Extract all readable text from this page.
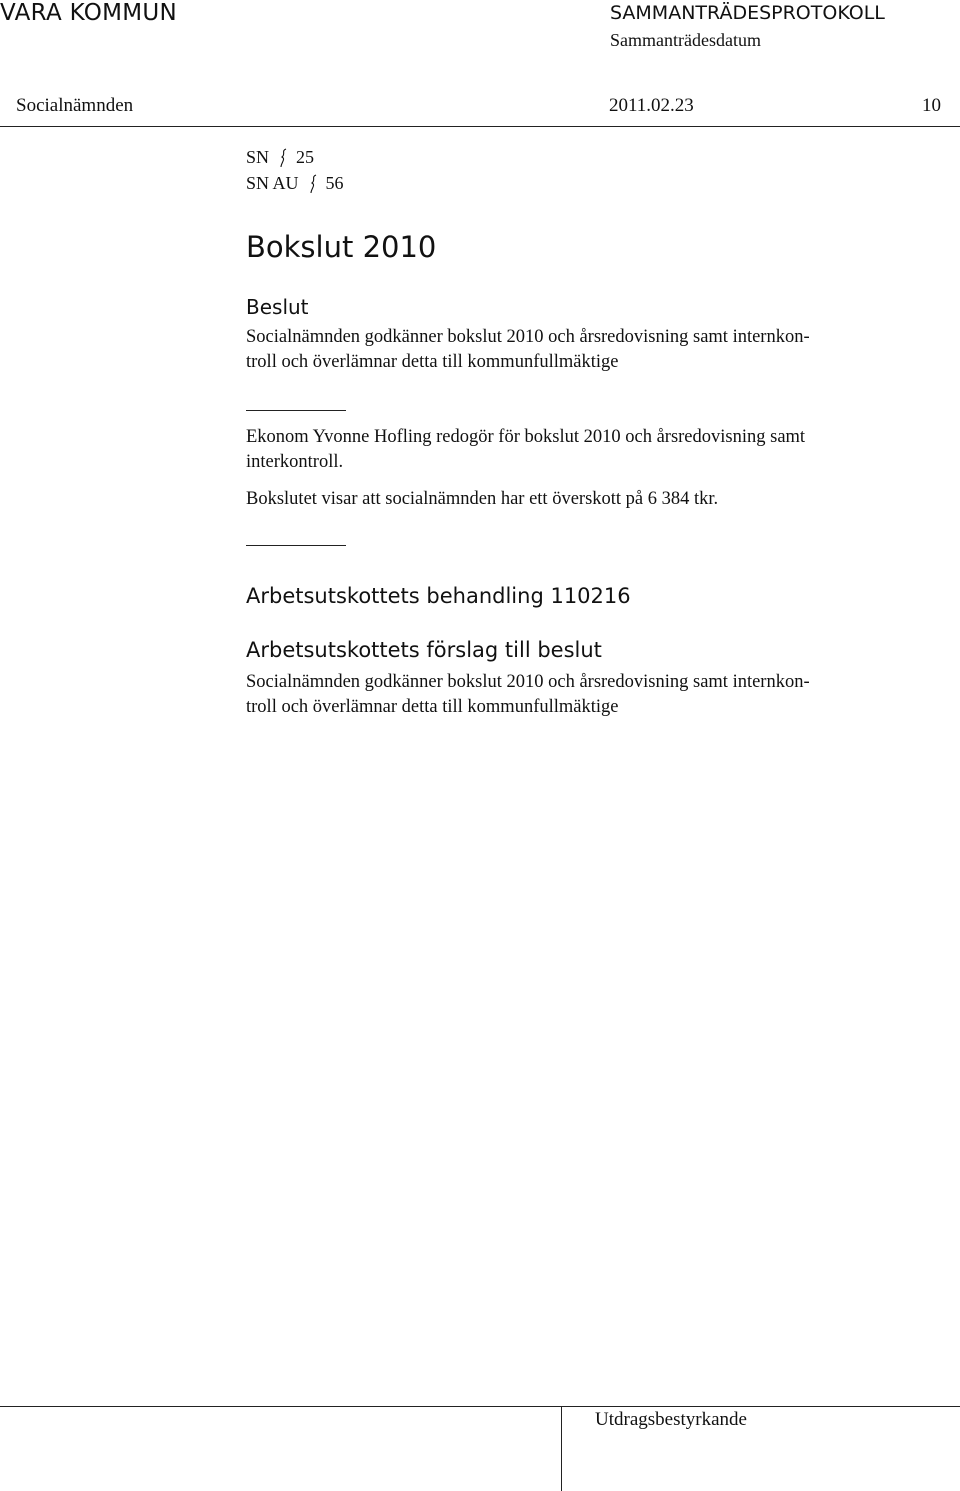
VARA KOMMUN	SAMMANTRÄDESPROTOKOLL
Sammanträdesdatum
Socialnämnden	2011.02.23	10
SN 25
SN AU 56
Bokslut 2010
Beslut
Socialnämnden godkänner bokslut 2010 och årsredovisning samt internkon-
troll och överlämnar detta till kommunfullmäktige
Ekonom Yvonne Hofling redogör för bokslut 2010 och årsredovisning samt
interkontroll.
Bokslutet visar att socialnämnden har ett överskott på 6 384 tkr.
Arbetsutskottets behandling 110216
Arbetsutskottets förslag till beslut
Socialnämnden godkänner bokslut 2010 och årsredovisning samt internkon-
troll och överlämnar detta till kommunfullmäktige
Utdragsbestyrkande
